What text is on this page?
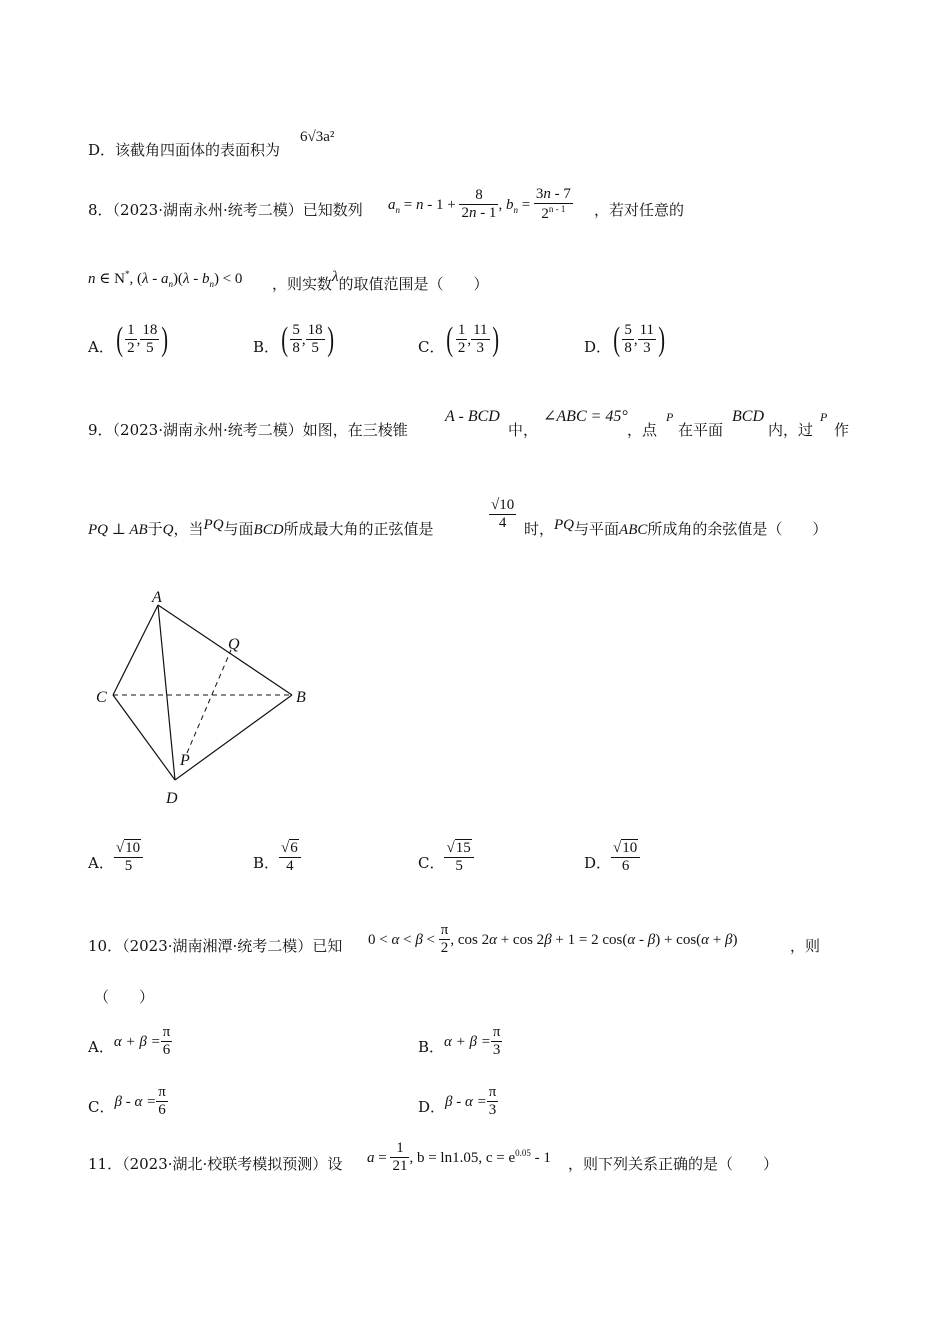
D．该截角四面体的表面积为
6√3a²
8．（2023·湖南永州·统考二模）已知数列 $a_n = n - 1 + \frac{8}{2n - 1}$ , $b_n = \frac{3n - 7}{2^{n - 1}}$ ，若对任意的
n ∈ N*, $(\lambda - a_n)(\lambda - b_n) < 0$ ，则实数λ的取值范围是（　　）
A．( $\frac{1}{2}$ , $\frac{18}{5}$ )	B．( $\frac{5}{8}$ , $\frac{18}{5}$ )	C．( $\frac{1}{2}$ , $\frac{11}{3}$ )	D．( $\frac{5}{8}$ , $\frac{11}{3}$ )
9．（2023·湖南永州·统考二模）如图，在三棱锥
A - BCD
中，
∠ABC = 45°
，点
P
在平面
BCD
内，过
P
作
PQ ⊥ AB于Q，当PQ与面BCD所成最大角的正弦值是	$\frac{√10}{4}$ 时，PQ与平面ABC所成角的余弦值是（　　）
A
Q
C	B
P
D
A． $\frac{√10}{5}$	B． $\frac{√6}{4}$	C． $\frac{√15}{5}$	D． $\frac{√10}{6}$
10．（2023·湖南湘潭·统考二模）已知 $0 < \alpha < \beta < \frac{\pi}{2}$ , cos 2α + cos 2β + 1 = 2 cos(α - β) + cos(α + β)	，则
（　　）
A．$\alpha + \beta = \frac{\pi}{6}$	B．$\alpha + \beta = \frac{\pi}{3}$
C．$\beta - \alpha = \frac{\pi}{6}$	D．$\beta - \alpha = \frac{\pi}{3}$
11．（2023·湖北·校联考模拟预测）设 $a = \frac{1}{21}$ , b = ln1.05, $c = e^{0.05} - 1$ ，则下列关系正确的是（　　）
